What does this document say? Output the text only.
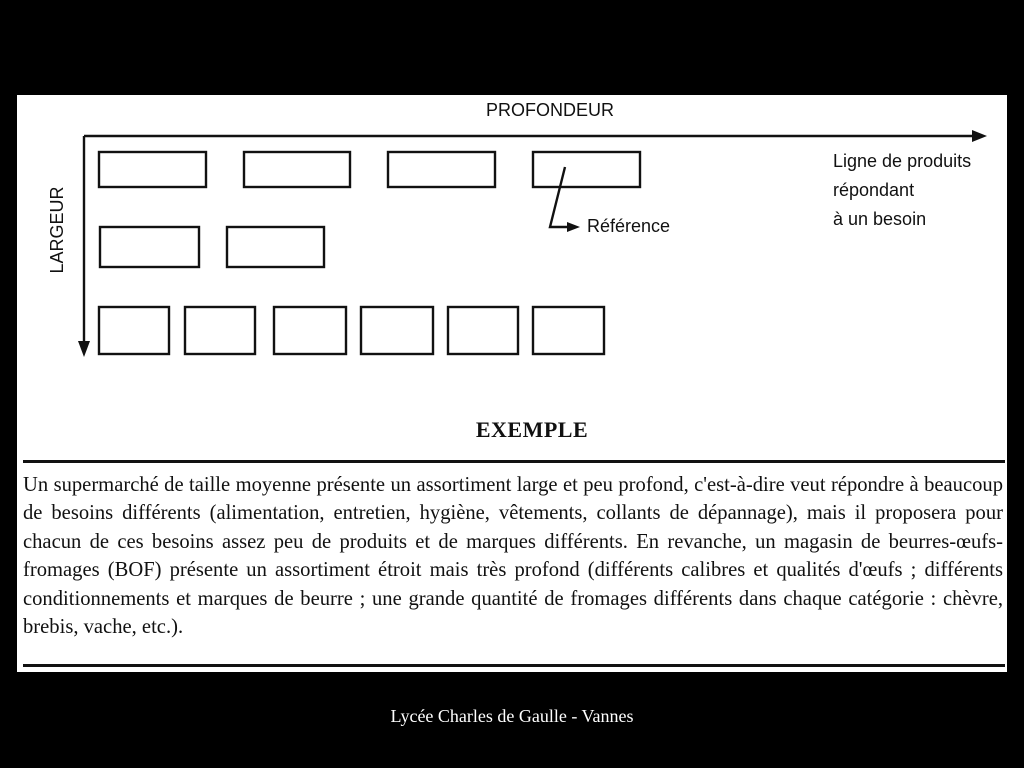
PROFONDEUR
LARGEUR	Référence
Ligne de produits
répondant
à un besoin
EXEMPLE

Un supermarché de taille moyenne présente un assortiment large et peu profond, c'est-à-dire veut répondre à beaucoup de besoins différents (alimentation, entretien, hygiène, vêtements, collants de dépannage), mais il proposera pour chacun de ces besoins assez peu de produits et de marques différents. En revanche, un magasin de beurres-œufs-fromages (BOF) présente un assortiment étroit mais très profond (différents calibres et qualités d'œufs ; différents conditionnements et marques de beurre ; une grande quantité de fromages différents dans chaque catégorie : chèvre, brebis, vache, etc.).

Lycée Charles de Gaulle - Vannes
